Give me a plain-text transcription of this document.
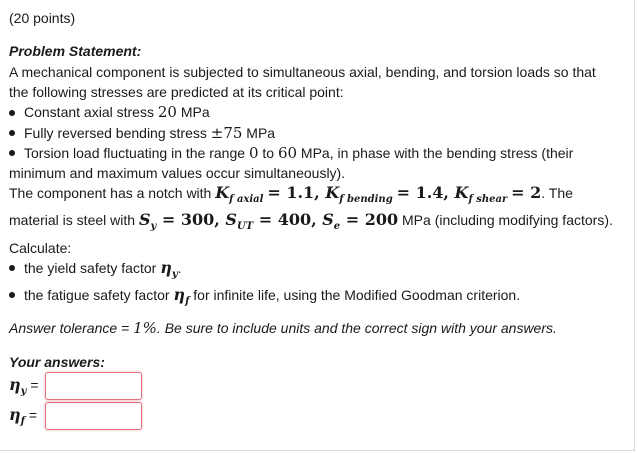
(20 points)
Problem Statement:
A mechanical component is subjected to simultaneous axial, bending, and torsion loads so that
the following stresses are predicted at its critical point:
Constant axial stress 20 MPa
Fully reversed bending stress ±75 MPa
Torsion load fluctuating in the range 0 to 60 MPa, in phase with the bending stress (their
minimum and maximum values occur simultaneously).
The component has a notch with $K_{f axial} = 1.1$, $K_{f bending} = 1.4$, $K_{f shear} = 2$. The
material is steel with $S_y = 300$, $S_{UT} = 400$, $S_e = 200$ MPa (including modifying factors).
Calculate:
the yield safety factor $\eta_y$.
the fatigue safety factor $\eta_f$ for infinite life, using the Modified Goodman criterion.
Answer tolerance = 1%. Be sure to include units and the correct sign with your answers.
Your answers:
$\eta_y$ =
$\eta_f$ =
